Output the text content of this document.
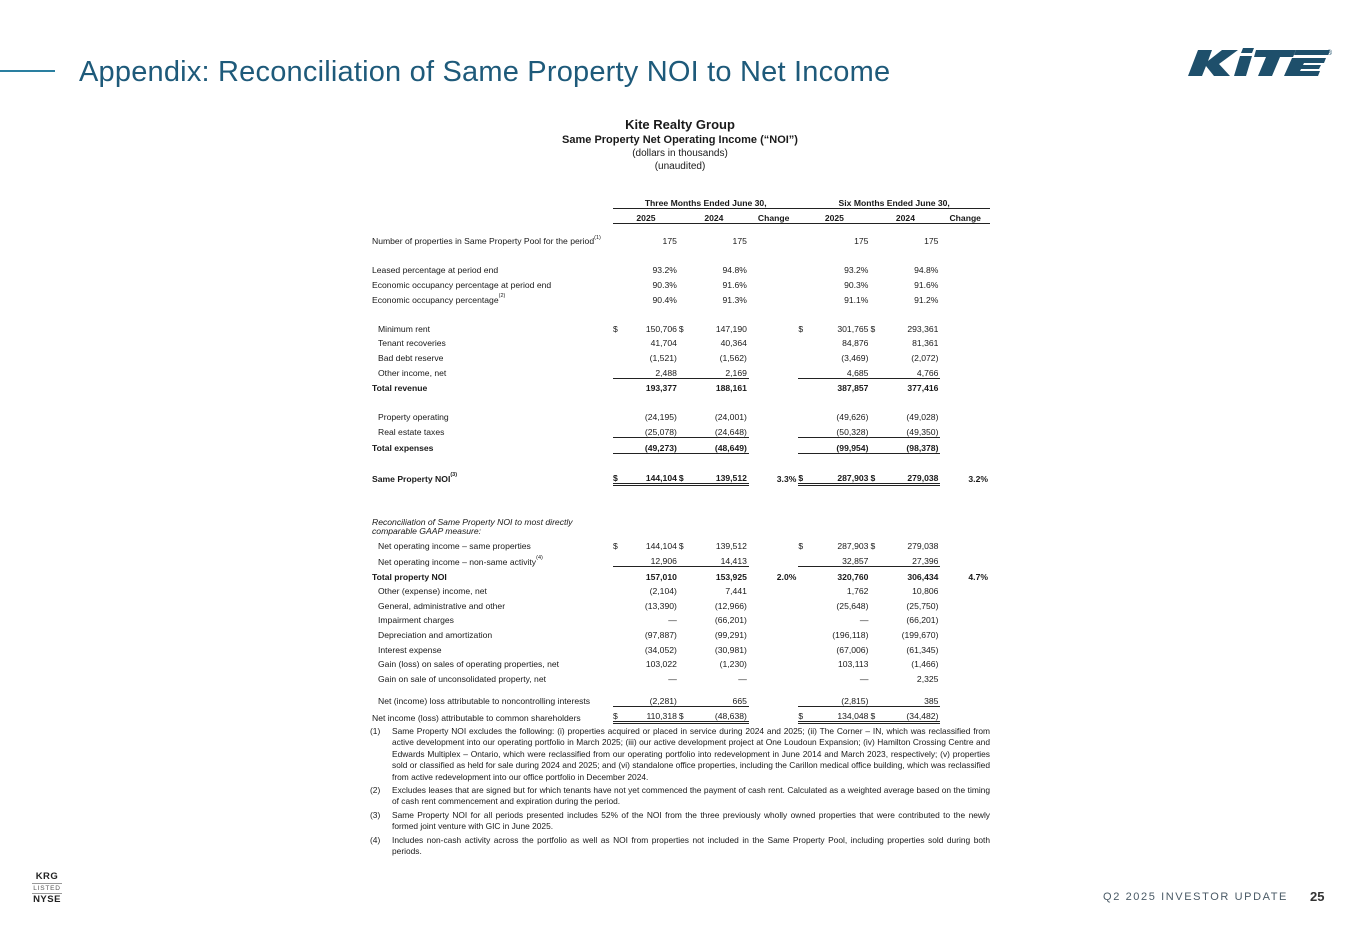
Appendix: Reconciliation of Same Property NOI to Net Income
®
Kite Realty Group
Same Property Net Operating Income (“NOI”)
(dollars in thousands)
(unaudited)
	Three Months Ended June 30,					Six Months Ended June 30,				
	2025		2024		Change	2025		2024		Change
Number of properties in Same Property Pool for the period$^{(1)}$		175		175			175		175	

Leased percentage at period end		93.2%		94.8%			93.2%		94.8%	
Economic occupancy percentage at period end		90.3%		91.6%			90.3%		91.6%	
Economic occupancy percentage$^{(2)}$		90.4%		91.3%			91.1%		91.2%	

Minimum rent	$	150,706	$	147,190		$	301,765	$	293,361	
Tenant recoveries		41,704		40,364			84,876		81,361	
Bad debt reserve		(1,521)		(1,562)			(3,469)		(2,072)	
Other income, net		2,488		2,169			4,685		4,766	
Total revenue		193,377		188,161			387,857		377,416	

Property operating		(24,195)		(24,001)			(49,626)		(49,028)	
Real estate taxes		(25,078)		(24,648)			(50,328)		(49,350)	
Total expenses		(49,273)		(48,649)			(99,954)		(98,378)	

Same Property NOI$^{(3)}$	$	144,104	$	139,512	3.3%	$	287,903	$	279,038	3.2%

Reconciliation of Same Property NOI to most directly comparable GAAP measure:										
Net operating income – same properties	$	144,104	$	139,512		$	287,903	$	279,038	
Net operating income – non-same activity$^{(4)}$		12,906		14,413			32,857		27,396	
Total property NOI		157,010		153,925	2.0%		320,760		306,434	4.7%
Other (expense) income, net		(2,104)		7,441			1,762		10,806	
General, administrative and other		(13,390)		(12,966)			(25,648)		(25,750)	
Impairment charges		—		(66,201)			—		(66,201)	
Depreciation and amortization		(97,887)		(99,291)			(196,118)		(199,670)	
Interest expense		(34,052)		(30,981)			(67,006)		(61,345)	
Gain (loss) on sales of operating properties, net		103,022		(1,230)			103,113		(1,466)	
Gain on sale of unconsolidated property, net		—		—			—		2,325	
Net (income) loss attributable to noncontrolling interests		(2,281)		665			(2,815)		385	
Net income (loss) attributable to common shareholders	$	110,318	$	(48,638)		$	134,048	$	(34,482)	
(1)	Same Property NOI excludes the following: (i) properties acquired or placed in service during 2024 and 2025; (ii) The Corner – IN, which was reclassified from active development into our operating portfolio in March 2025; (iii) our active development project at One Loudoun Expansion; (iv) Hamilton Crossing Centre and Edwards Multiplex – Ontario, which were reclassified from our operating portfolio into redevelopment in June 2014 and March 2023, respectively; (v) properties sold or classified as held for sale during 2024 and 2025; and (vi) standalone office properties, including the Carillon medical office building, which was reclassified from active redevelopment into our office portfolio in December 2024.
(2)	Excludes leases that are signed but for which tenants have not yet commenced the payment of cash rent. Calculated as a weighted average based on the timing of cash rent commencement and expiration during the period.
(3)	Same Property NOI for all periods presented includes 52% of the NOI from the three previously wholly owned properties that were contributed to the newly formed joint venture with GIC in June 2025.
(4)	Includes non-cash activity across the portfolio as well as NOI from properties not included in the Same Property Pool, including properties sold during both periods.
KRG
LISTED
NYSE	Q2 2025 INVESTOR UPDATE 25
